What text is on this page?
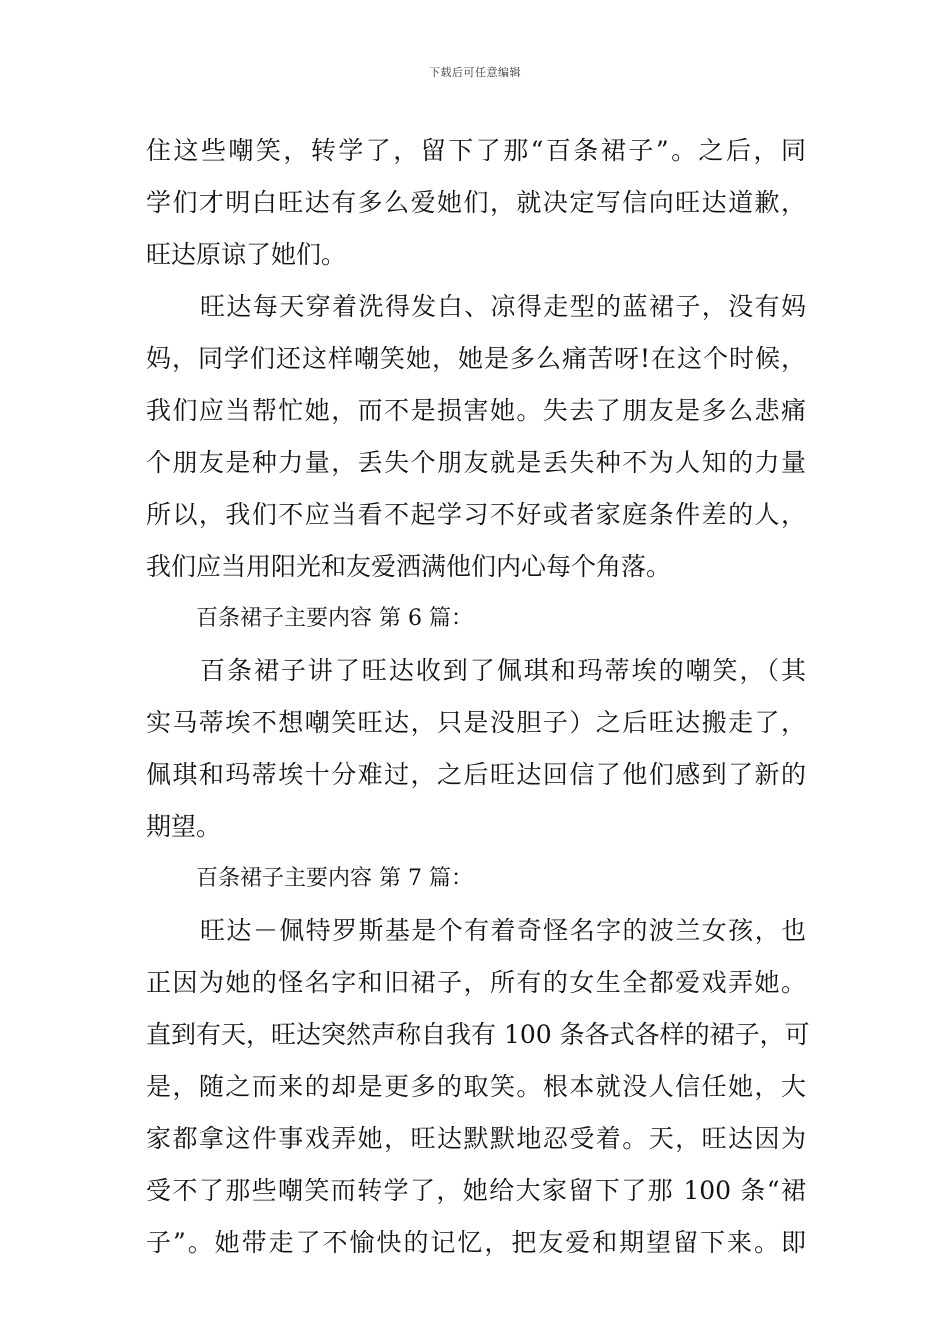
下载后可任意编辑
住这些嘲笑，转学了，留下了那“百条裙子”。之后，同
学们才明白旺达有多么爱她们，就决定写信向旺达道歉，
旺达原谅了她们。
旺达每天穿着洗得发白、凉得走型的蓝裙子，没有妈
妈，同学们还这样嘲笑她，她是多么痛苦呀!在这个时候，
我们应当帮忙她，而不是损害她。失去了朋友是多么悲痛
个朋友是种力量，丢失个朋友就是丢失种不为人知的力量
所以，我们不应当看不起学习不好或者家庭条件差的人，
我们应当用阳光和友爱洒满他们内心每个角落。
百条裙子主要内容 第 6 篇：
百条裙子讲了旺达收到了佩琪和玛蒂埃的嘲笑，（其
实马蒂埃不想嘲笑旺达，只是没胆子）之后旺达搬走了，
佩琪和玛蒂埃十分难过，之后旺达回信了他们感到了新的
期望。
百条裙子主要内容 第 7 篇：
旺达－佩特罗斯基是个有着奇怪名字的波兰女孩，也
正因为她的怪名字和旧裙子，所有的女生全都爱戏弄她。
直到有天，旺达突然声称自我有 100 条各式各样的裙子，可
是，随之而来的却是更多的取笑。根本就没人信任她，大
家都拿这件事戏弄她，旺达默默地忍受着。天，旺达因为
受不了那些嘲笑而转学了，她给大家留下了那 100 条“裙
子”。她带走了不愉快的记忆，把友爱和期望留下来。即
